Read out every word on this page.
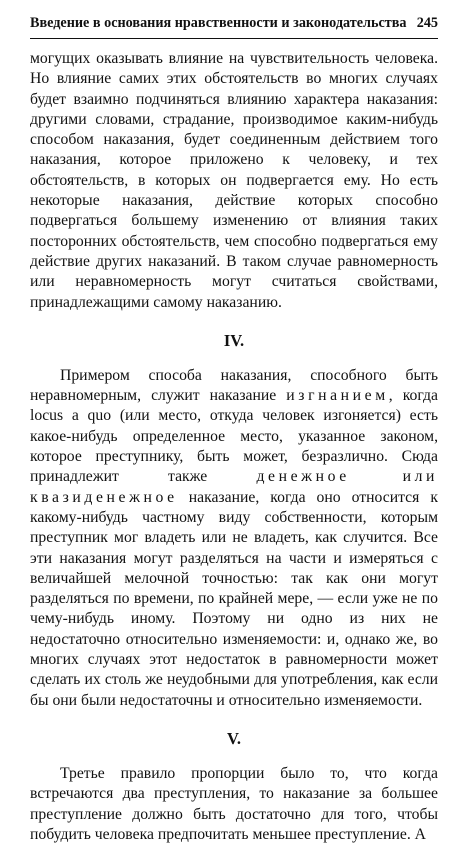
Введение в основания нравственности и законодательства 245

могущих оказывать влияние на чувствительность человека. Но влияние самих этих обстоятельств во многих случаях будет взаимно подчиняться влиянию характера наказания: другими словами, страдание, производимое каким-нибудь способом наказания, будет соединенным действием того наказания, которое приложено к человеку, и тех обстоятельств, в которых он подвергается ему. Но есть некоторые наказания, действие которых способно подвергаться большему изменению от влияния таких посторонних обстоятельств, чем способно подвергаться ему действие других наказаний. В таком случае равномерность или неравномерность могут считаться свойствами, принадлежащими самому наказанию.

IV.

Примером способа наказания, способного быть неравномерным, служит наказание изгнанием, когда locus a quo (или место, откуда человек изгоняется) есть какое-нибудь определенное место, указанное законом, которое преступнику, быть может, безразлично. Сюда принадлежит также денежное или квазиденежное наказание, когда оно относится к какому-нибудь частному виду собственности, которым преступник мог владеть или не владеть, как случится. Все эти наказания могут разделяться на части и измеряться с величайшей мелочной точностью: так как они могут разделяться по времени, по крайней мере, — если уже не по чему-нибудь иному. Поэтому ни одно из них не недостаточно относительно изменяемости: и, однако же, во многих случаях этот недостаток в равномерности может сделать их столь же неудобными для употребления, как если бы они были недостаточны и относительно изменяемости.

V.

Третье правило пропорции было то, что когда встречаются два преступления, то наказание за большее преступление должно быть достаточно для того, чтобы побудить человека предпочитать меньшее преступление. А
